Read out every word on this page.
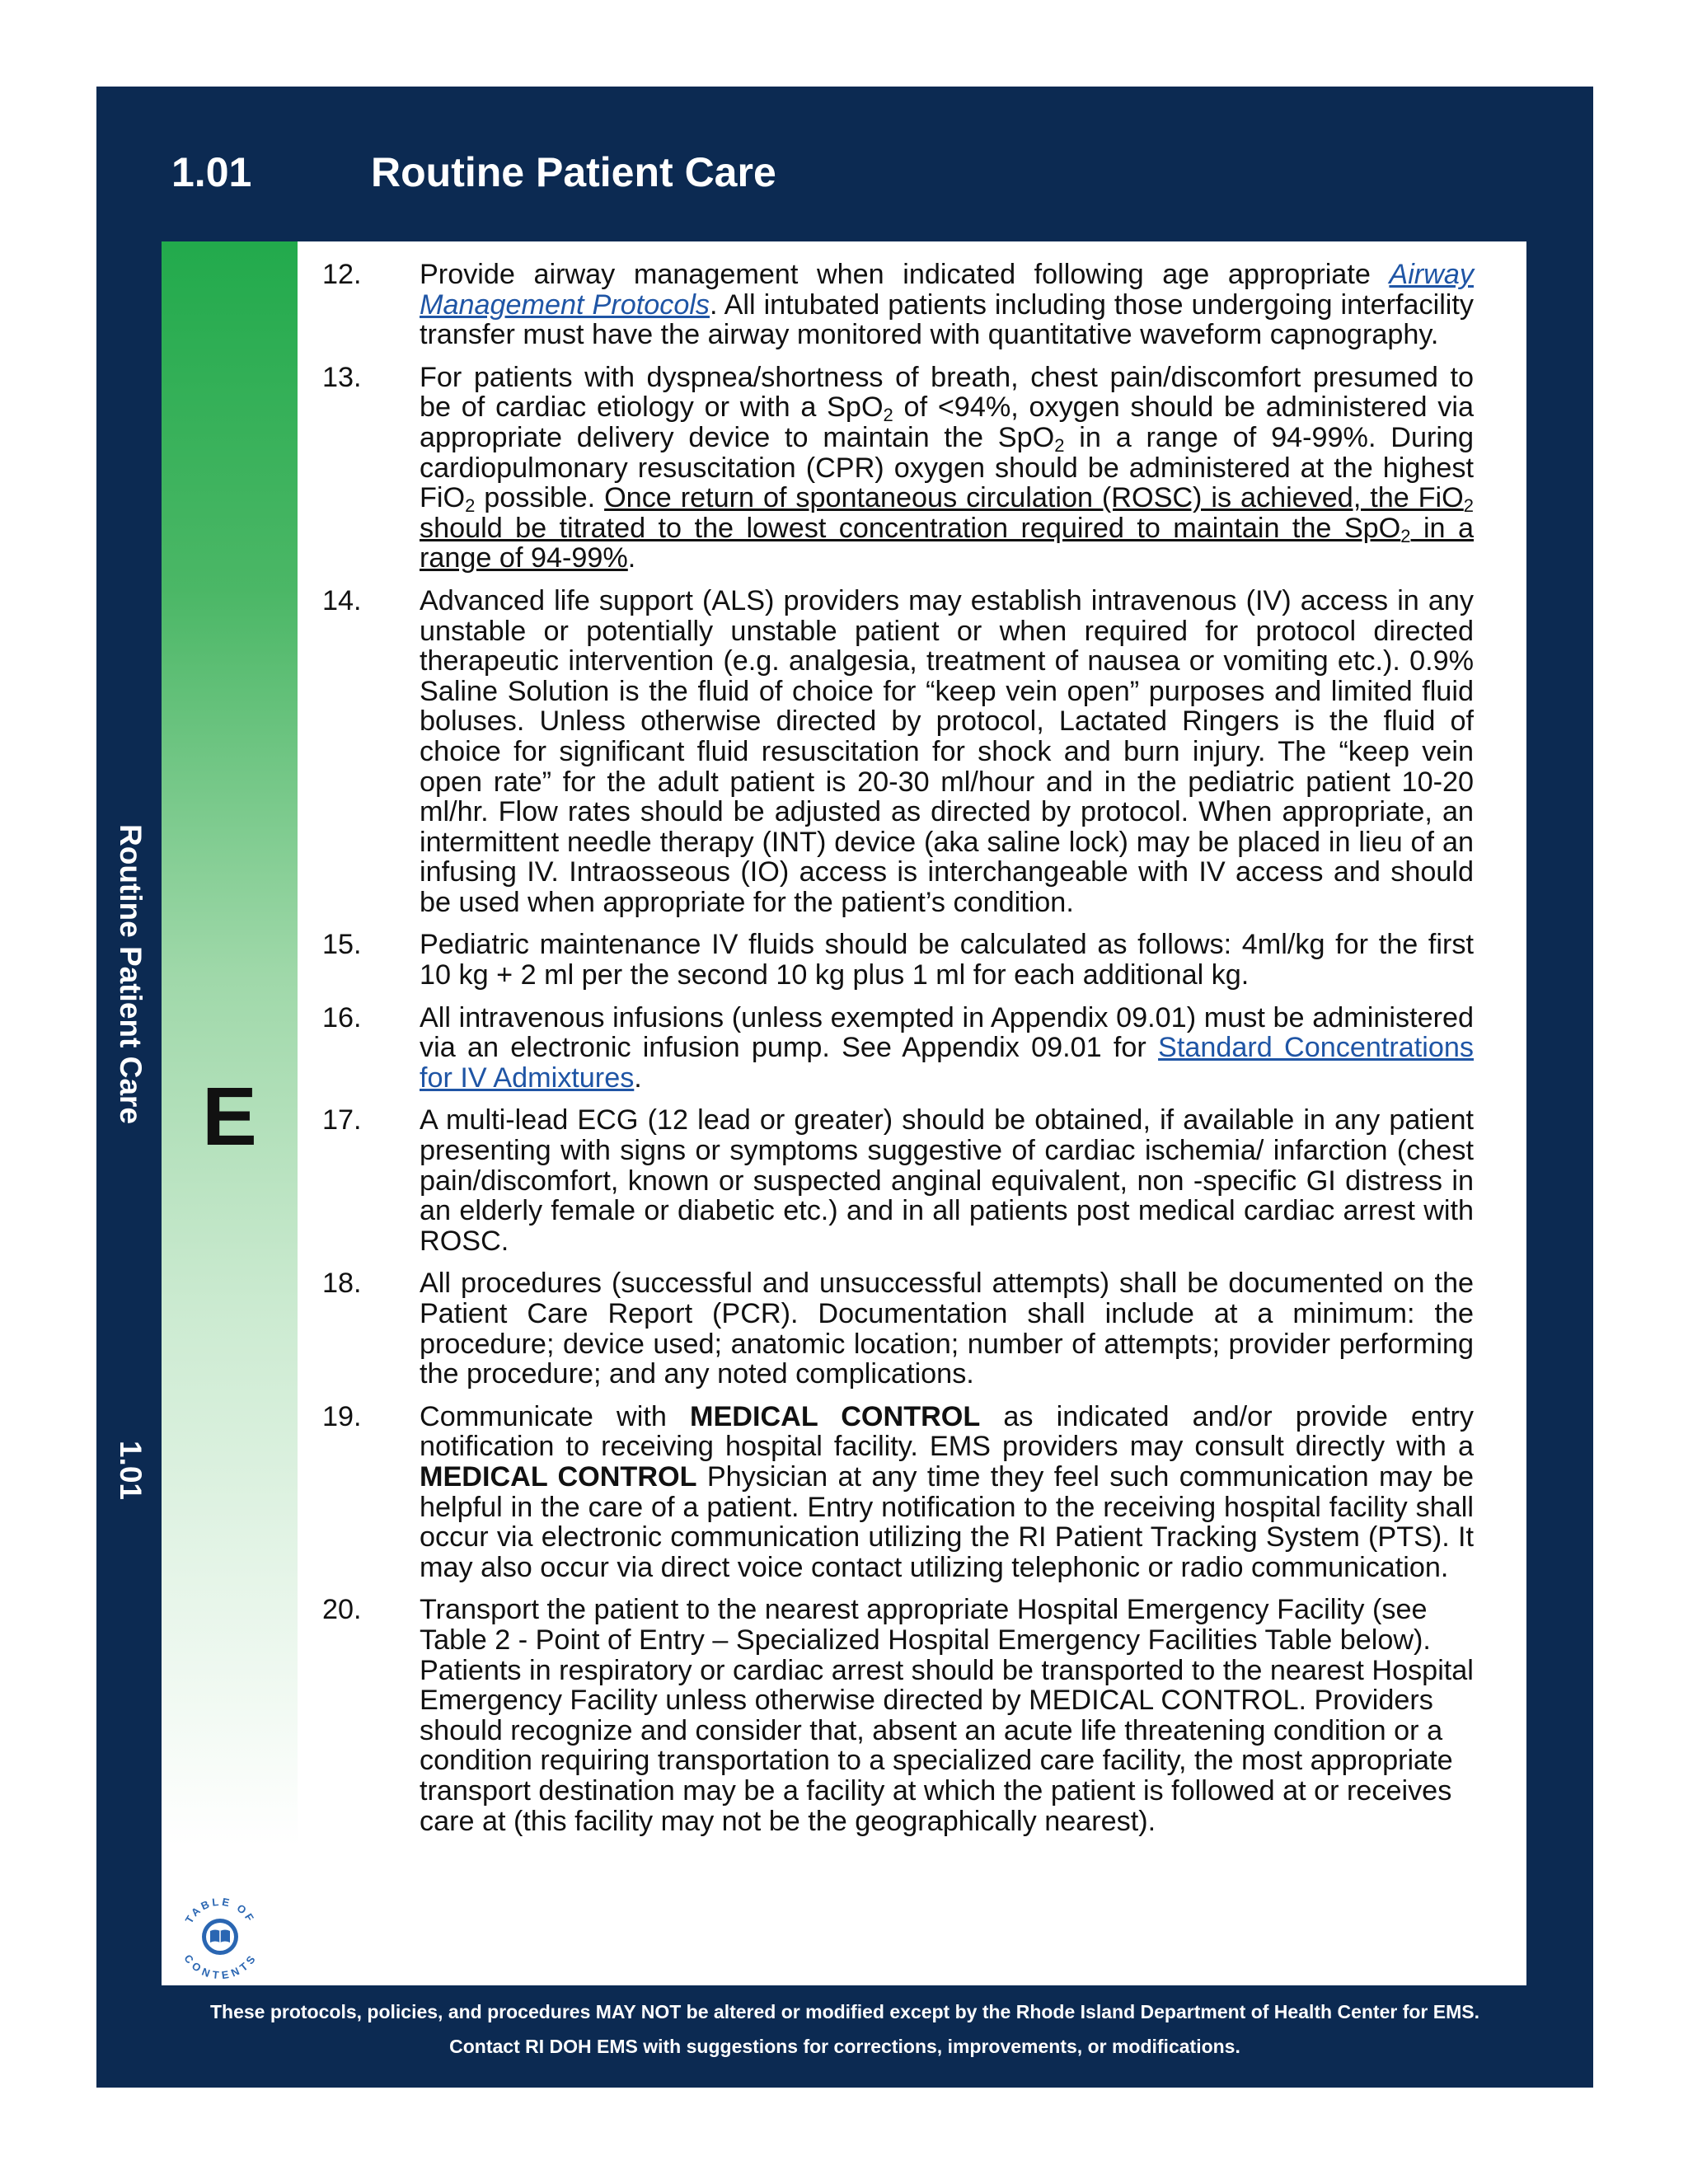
1.01	Routine Patient Care
Routine Patient Care
1.01
E
TABLE OF
CONTENTS
12.	Provide airway management when indicated following age appropriate Airway Management Protocols. All intubated patients including those undergoing interfacility transfer must have the airway monitored with quantitative waveform capnography.
13.	For patients with dyspnea/shortness of breath, chest pain/discomfort presumed to be of cardiac etiology or with a SpO$_2$ of <94%, oxygen should be administered via appropriate delivery device to maintain the SpO$_2$ in a range of 94-99%. During cardiopulmonary resuscitation (CPR) oxygen should be administered at the highest FiO$_2$ possible. Once return of spontaneous circulation (ROSC) is achieved, the FiO$_2$ should be titrated to the lowest concentration required to maintain the SpO$_2$ in a range of 94-99%.
14.	Advanced life support (ALS) providers may establish intravenous (IV) access in any unstable or potentially unstable patient or when required for protocol directed therapeutic intervention (e.g. analgesia, treatment of nausea or vomiting etc.). 0.9% Saline Solution is the fluid of choice for “keep vein open” purposes and limited fluid boluses. Unless otherwise directed by protocol, Lactated Ringers is the fluid of choice for significant fluid resuscitation for shock and burn injury. The “keep vein open rate” for the adult patient is 20-30 ml/hour and in the pediatric patient 10-20 ml/hr. Flow rates should be adjusted as directed by protocol. When appropriate, an intermittent needle therapy (INT) device (aka saline lock) may be placed in lieu of an infusing IV. Intraosseous (IO) access is interchangeable with IV access and should be used when appropriate for the patient’s condition.
15.	Pediatric maintenance IV fluids should be calculated as follows: 4ml/kg for the first 10 kg + 2 ml per the second 10 kg plus 1 ml for each additional kg.
16.	All intravenous infusions (unless exempted in Appendix 09.01) must be administered via an electronic infusion pump. See Appendix 09.01 for Standard Concentrations for IV Admixtures.
17.	A multi-lead ECG (12 lead or greater) should be obtained, if available in any patient presenting with signs or symptoms suggestive of cardiac ischemia/ infarction (chest pain/discomfort, known or suspected anginal equivalent, non -specific GI distress in an elderly female or diabetic etc.) and in all patients post medical cardiac arrest with ROSC.
18.	All procedures (successful and unsuccessful attempts) shall be documented on the Patient Care Report (PCR). Documentation shall include at a minimum: the procedure; device used; anatomic location; number of attempts; provider performing the procedure; and any noted complications.
19.	Communicate with MEDICAL CONTROL as indicated and/or provide entry notification to receiving hospital facility. EMS providers may consult directly with a MEDICAL CONTROL Physician at any time they feel such communication may be helpful in the care of a patient. Entry notification to the receiving hospital facility shall occur via electronic communication utilizing the RI Patient Tracking System (PTS). It may also occur via direct voice contact utilizing telephonic or radio communication.
20.	Transport the patient to the nearest appropriate Hospital Emergency Facility (see Table 2 - Point of Entry – Specialized Hospital Emergency Facilities Table below). Patients in respiratory or cardiac arrest should be transported to the nearest Hospital Emergency Facility unless otherwise directed by MEDICAL CONTROL. Providers should recognize and consider that, absent an acute life threatening condition or a condition requiring transportation to a specialized care facility, the most appropriate transport destination may be a facility at which the patient is followed at or receives care at (this facility may not be the geographically nearest).
These protocols, policies, and procedures MAY NOT be altered or modified except by the Rhode Island Department of Health Center for EMS.
Contact RI DOH EMS with suggestions for corrections, improvements, or modifications.
